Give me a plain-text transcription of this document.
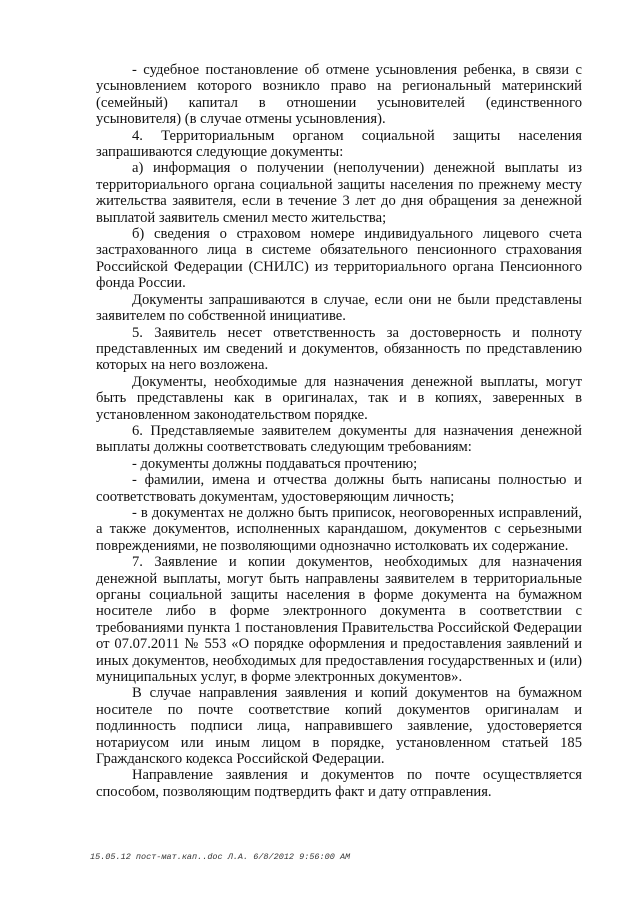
- судебное постановление об отмене усыновления ребенка, в связи с усыновлением которого возникло право на региональный материнский (семейный) капитал в отношении усыновителей (единственного усыновителя) (в случае отмены усыновления).

4. Территориальным органом социальной защиты населения запрашиваются следующие документы:

а) информация о получении (неполучении) денежной выплаты из территориального органа социальной защиты населения по прежнему месту жительства заявителя, если в течение 3 лет до дня обращения за денежной выплатой заявитель сменил место жительства;

б) сведения о страховом номере индивидуального лицевого счета застрахованного лица в системе обязательного пенсионного страхования Российской Федерации (СНИЛС) из территориального органа Пенсионного фонда России.

Документы запрашиваются в случае, если они не были представлены заявителем по собственной инициативе.

5. Заявитель несет ответственность за достоверность и полноту представленных им сведений и документов, обязанность по представлению которых на него возложена.

Документы, необходимые для назначения денежной выплаты, могут быть представлены как в оригиналах, так и в копиях, заверенных в установленном законодательством порядке.

6. Представляемые заявителем документы для назначения денежной выплаты должны соответствовать следующим требованиям:

- документы должны поддаваться прочтению;

- фамилии, имена и отчества должны быть написаны полностью и соответствовать документам, удостоверяющим личность;

- в документах не должно быть приписок, неоговоренных исправлений, а также документов, исполненных карандашом, документов с серьезными повреждениями, не позволяющими однозначно истолковать их содержание.

7. Заявление и копии документов, необходимых для назначения денежной выплаты, могут быть направлены заявителем в территориальные органы социальной защиты населения в форме документа на бумажном носителе либо в форме электронного документа в соответствии с требованиями пункта 1 постановления Правительства Российской Федерации от 07.07.2011 № 553 «О порядке оформления и предоставления заявлений и иных документов, необходимых для предоставления государственных и (или) муниципальных услуг, в форме электронных документов».

В случае направления заявления и копий документов на бумажном носителе по почте соответствие копий документов оригиналам и подлинность подписи лица, направившего заявление, удостоверяется нотариусом или иным лицом в порядке, установленном статьей 185 Гражданского кодекса Российской Федерации.

Направление заявления и документов по почте осуществляется способом, позволяющим подтвердить факт и дату отправления.

15.05.12 пост-мат.кап..doc Л.А. 6/8/2012 9:56:00 AM
